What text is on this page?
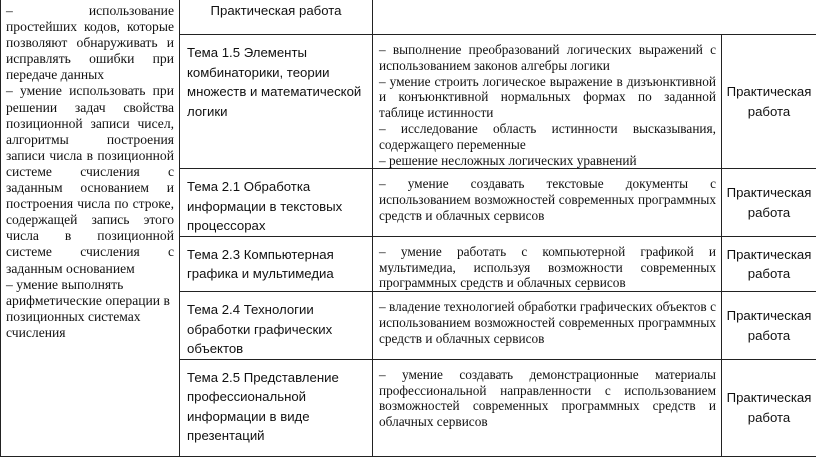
– использование простейших кодов, которые позволяют обнаруживать и исправлять ошибки при передаче данных

– умение использовать при решении задач свойства позиционной записи чисел, алгоритмы построения записи числа в позиционной системе счисления с заданным основанием и построения числа по строке, содержащей запись этого числа в позиционной системе счисления с заданным основанием

– умение выполнять арифметические операции в позиционных системах счисления	Практическая работа		
	Тема 1.5 Элементы комбинаторики, теории множеств и математической логики	– выполнение преобразований логических выражений с использованием законов алгебры логики

– умение строить логическое выражение в дизъюнктивной и конъюнктивной нормальных формах по заданной таблице истинности

– исследование область истинности высказывания, содержащего переменные

– решение несложных логических уравнений	Практическая работа
	Тема 2.1 Обработка информации в текстовых процессорах	– умение создавать текстовые документы с использованием возможностей современных программных средств и облачных сервисов	Практическая работа
	Тема 2.3 Компьютерная графика и мультимедиа	– умение работать с компьютерной графикой и мультимедиа, используя возможности современных программных средств и облачных сервисов	Практическая работа
	Тема 2.4 Технологии обработки графических объектов	– владение технологией обработки графических объектов с использованием возможностей современных программных средств и облачных сервисов	Практическая работа
	Тема 2.5 Представление профессиональной информации в виде презентаций	– умение создавать демонстрационные материалы профессиональной направленности с использованием возможностей современных программных средств и облачных сервисов	Практическая работа
